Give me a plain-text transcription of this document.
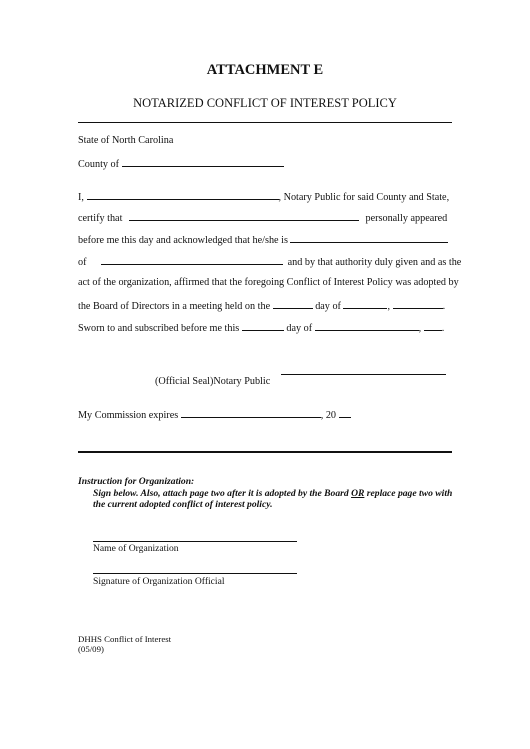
ATTACHMENT E
NOTARIZED CONFLICT OF INTEREST POLICY
State of North Carolina
County of
I,	, Notary Public for said County and State,
certify that	personally appeared
before me this day and acknowledged that he/she is
of	and by that authority duly given and as the
act of the organization, affirmed that the foregoing Conflict of Interest Policy was adopted by
the Board of Directors in a meeting held on the	day of	,	.
Sworn to and subscribed before me this	day of	, .
(Official Seal)Notary Public
My Commission expires	, 20
Instruction for Organization:
Sign below. Also, attach page two after it is adopted by the Board OR replace page two with
the current adopted conflict of interest policy.
Name of Organization
Signature of Organization Official
DHHS Conflict of Interest
(05/09)
